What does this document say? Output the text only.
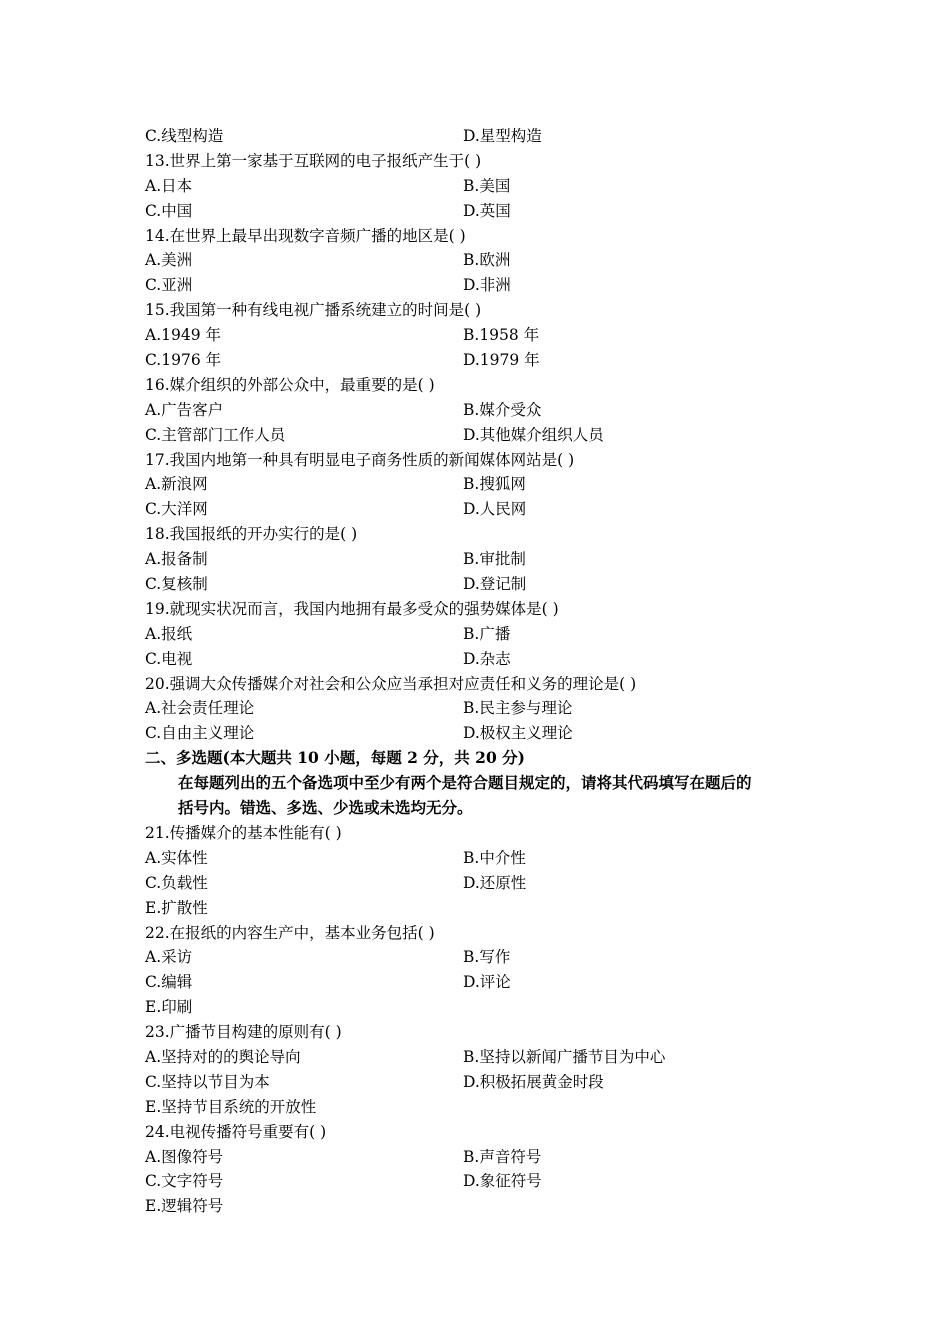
C.线型构造	D.星型构造
13.世界上第一家基于互联网的电子报纸产生于( )
A.日本	B.美国
C.中国	D.英国
14.在世界上最早出现数字音频广播的地区是( )
A.美洲	B.欧洲
C.亚洲	D.非洲
15.我国第一种有线电视广播系统建立的时间是( )
A.1949 年	B.1958 年
C.1976 年	D.1979 年
16.媒介组织的外部公众中，最重要的是( )
A.广告客户	B.媒介受众
C.主管部门工作人员	D.其他媒介组织人员
17.我国内地第一种具有明显电子商务性质的新闻媒体网站是( )
A.新浪网	B.搜狐网
C.大洋网	D.人民网
18.我国报纸的开办实行的是( )
A.报备制	B.审批制
C.复核制	D.登记制
19.就现实状况而言，我国内地拥有最多受众的强势媒体是( )
A.报纸	B.广播
C.电视	D.杂志
20.强调大众传播媒介对社会和公众应当承担对应责任和义务的理论是( )
A.社会责任理论	B.民主参与理论
C.自由主义理论	D.极权主义理论
二、多选题(本大题共 10 小题，每题 2 分，共 20 分)
在每题列出的五个备选项中至少有两个是符合题目规定的，请将其代码填写在题后的
括号内。错选、多选、少选或未选均无分。
21.传播媒介的基本性能有( )
A.实体性	B.中介性
C.负载性	D.还原性
E.扩散性
22.在报纸的内容生产中，基本业务包括( )
A.采访	B.写作
C.编辑	D.评论
E.印刷
23.广播节目构建的原则有( )
A.坚持对的的舆论导向	B.坚持以新闻广播节目为中心
C.坚持以节目为本	D.积极拓展黄金时段
E.坚持节目系统的开放性
24.电视传播符号重要有( )
A.图像符号	B.声音符号
C.文字符号	D.象征符号
E.逻辑符号
